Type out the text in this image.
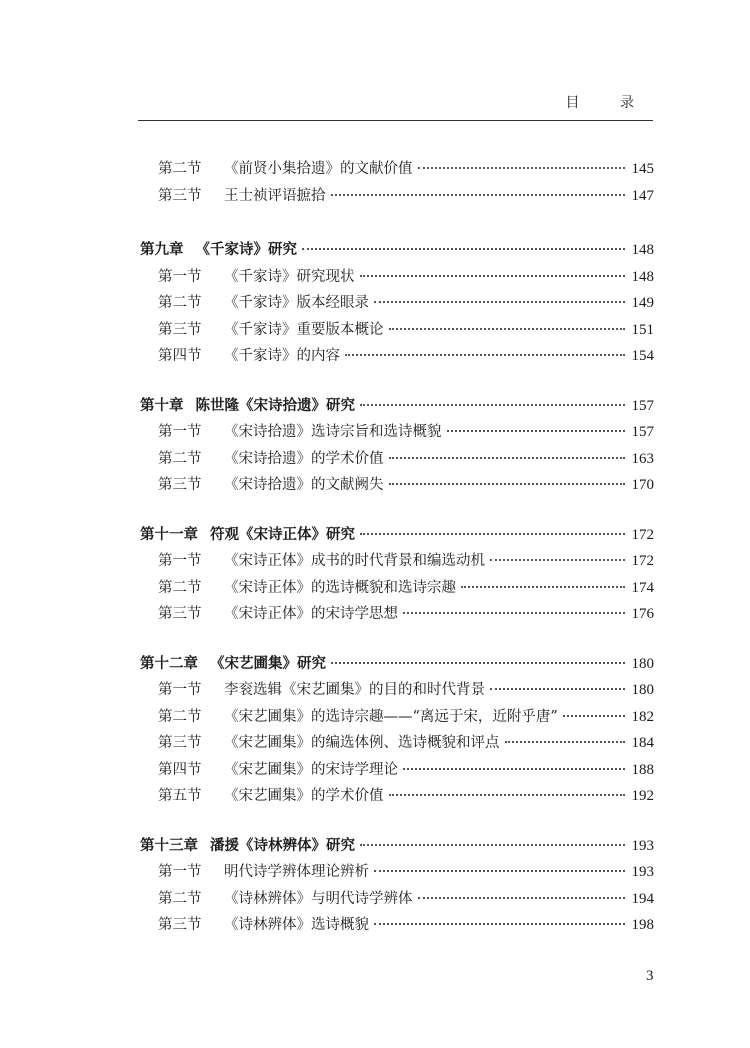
目 录
第二节 《前贤小集拾遗》的文献价值	145
第三节 王士祯评语摭拾	147
第九章 《千家诗》研究	148
第一节 《千家诗》研究现状	148
第二节 《千家诗》版本经眼录	149
第三节 《千家诗》重要版本概论	151
第四节 《千家诗》的内容	154
第十章 陈世隆《宋诗拾遗》研究	157
第一节 《宋诗拾遗》选诗宗旨和选诗概貌	157
第二节 《宋诗拾遗》的学术价值	163
第三节 《宋诗拾遗》的文献阙失	170
第十一章 符观《宋诗正体》研究	172
第一节 《宋诗正体》成书的时代背景和编选动机	172
第二节 《宋诗正体》的选诗概貌和选诗宗趣	174
第三节 《宋诗正体》的宋诗学思想	176
第十二章 《宋艺圃集》研究	180
第一节 李衮选辑《宋艺圃集》的目的和时代背景	180
第二节 《宋艺圃集》的选诗宗趣——“离远于宋，近附乎唐”	182
第三节 《宋艺圃集》的编选体例、选诗概貌和评点	184
第四节 《宋艺圃集》的宋诗学理论	188
第五节 《宋艺圃集》的学术价值	192
第十三章 潘援《诗林辨体》研究	193
第一节 明代诗学辨体理论辨析	193
第二节 《诗林辨体》与明代诗学辨体	194
第三节 《诗林辨体》选诗概貌	198
3
